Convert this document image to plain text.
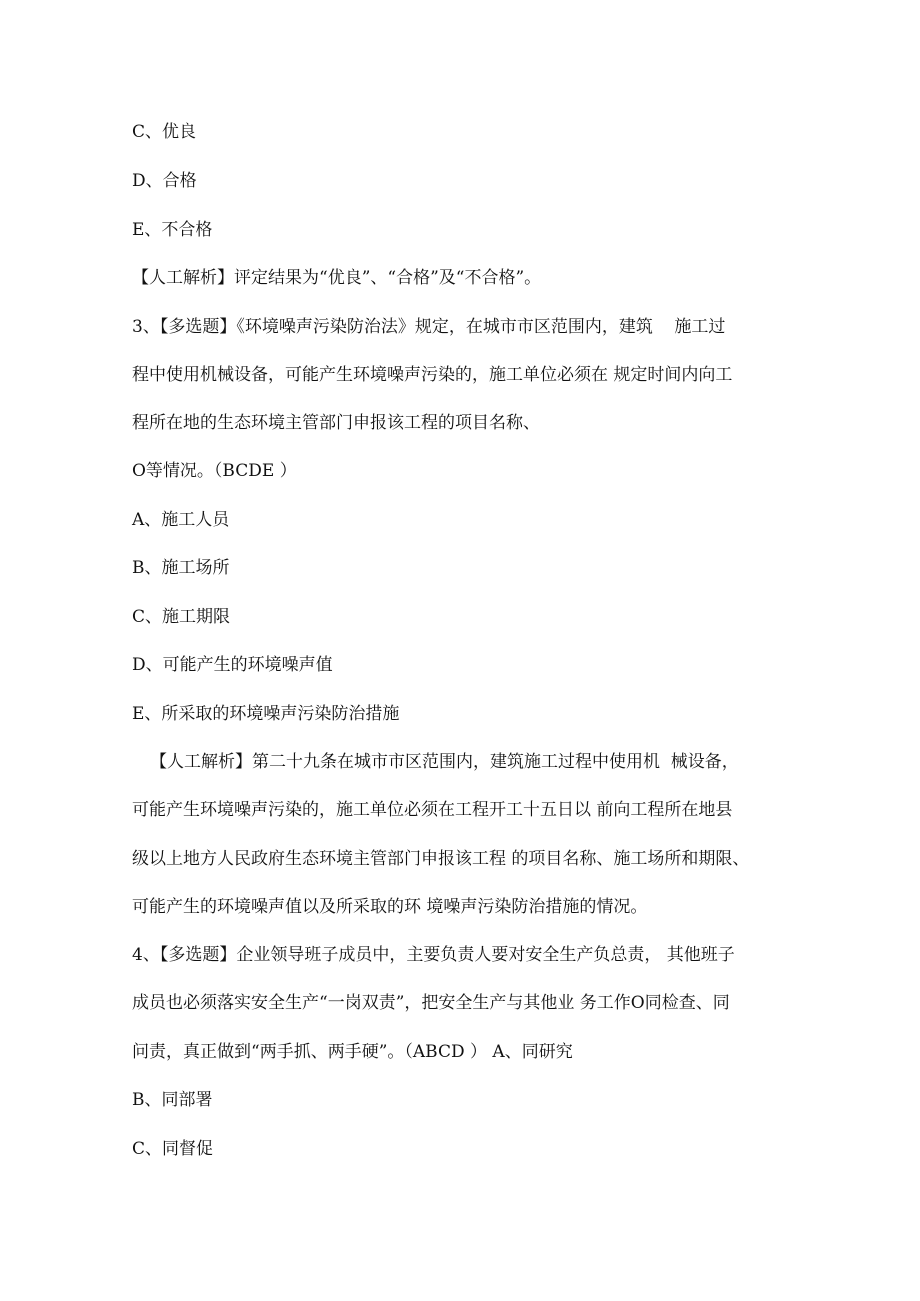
C、优良
D、合格
E、不合格
【人工解析】评定结果为“优良”、“合格”及“不合格”。
3、【多选题】《环境噪声污染防治法》规定，在城市市区范围内，建筑    施工过
程中使用机械设备，可能产生环境噪声污染的，施工单位必须在 规定时间内向工
程所在地的生态环境主管部门申报该工程的项目名称、
O等情况。（BCDE ）
A、施工人员
B、施工场所
C、施工期限
D、可能产生的环境噪声值
E、所采取的环境噪声污染防治措施
【人工解析】第二十九条在城市市区范围内，建筑施工过程中使用机  械设备，
可能产生环境噪声污染的，施工单位必须在工程开工十五日以 前向工程所在地县
级以上地方人民政府生态环境主管部门申报该工程 的项目名称、施工场所和期限、
可能产生的环境噪声值以及所采取的环 境噪声污染防治措施的情况。
4、【多选题】企业领导班子成员中，主要负责人要对安全生产负总责， 其他班子
成员也必须落实安全生产“一岗双责”，把安全生产与其他业 务工作O同检查、同
问责，真正做到“两手抓、两手硬”。（ABCD ） A、同研究
B、同部署
C、同督促
